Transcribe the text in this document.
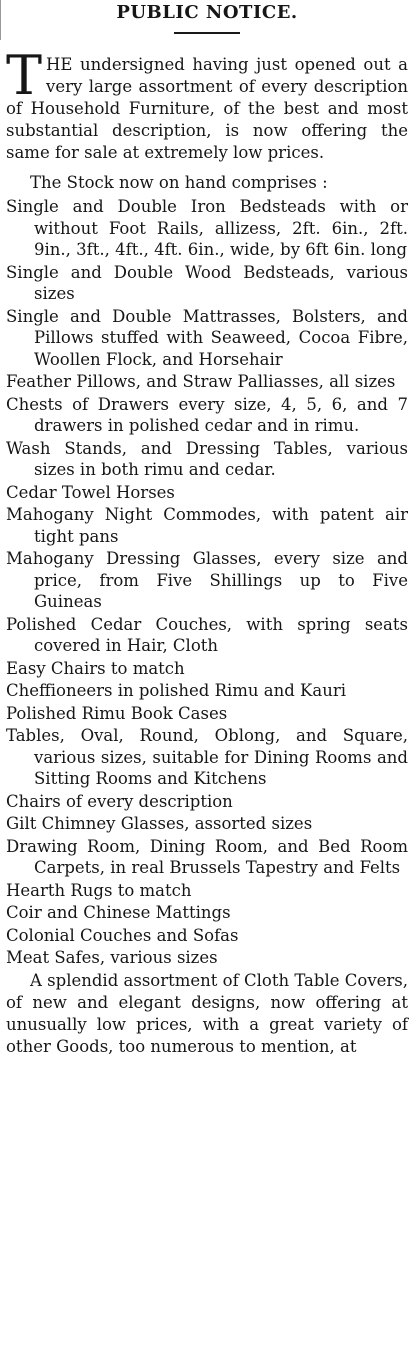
PUBLIC NOTICE.

THE undersigned having just opened out a very large assortment of every description of Household Furniture, of the best and most substantial description, is now offering the same for sale at extremely low prices.

The Stock now on hand comprises :

Single and Double Iron Bedsteads with or without Foot Rails, allizess, 2ft. 6in., 2ft. 9in., 3ft., 4ft., 4ft. 6in., wide, by 6ft 6in. long
Single and Double Wood Bedsteads, various sizes
Single and Double Mattrasses, Bolsters, and Pillows stuffed with Seaweed, Cocoa Fibre, Woollen Flock, and Horsehair
Feather Pillows, and Straw Palliasses, all sizes
Chests of Drawers every size, 4, 5, 6, and 7 drawers in polished cedar and in rimu.
Wash Stands, and Dressing Tables, various sizes in both rimu and cedar.
Cedar Towel Horses
Mahogany Night Commodes, with patent air tight pans
Mahogany Dressing Glasses, every size and price, from Five Shillings up to Five Guineas
Polished Cedar Couches, with spring seats covered in Hair, Cloth
Easy Chairs to match
Cheffioneers in polished Rimu and Kauri
Polished Rimu Book Cases
Tables, Oval, Round, Oblong, and Square, various sizes, suitable for Dining Rooms and Sitting Rooms and Kitchens
Chairs of every description
Gilt Chimney Glasses, assorted sizes
Drawing Room, Dining Room, and Bed Room Carpets, in real Brussels Tapestry and Felts
Hearth Rugs to match
Coir and Chinese Mattings
Colonial Couches and Sofas
Meat Safes, various sizes

A splendid assortment of Cloth Table Covers, of new and elegant designs, now offering at unusually low prices, with a great variety of other Goods, too numerous to mention, at
